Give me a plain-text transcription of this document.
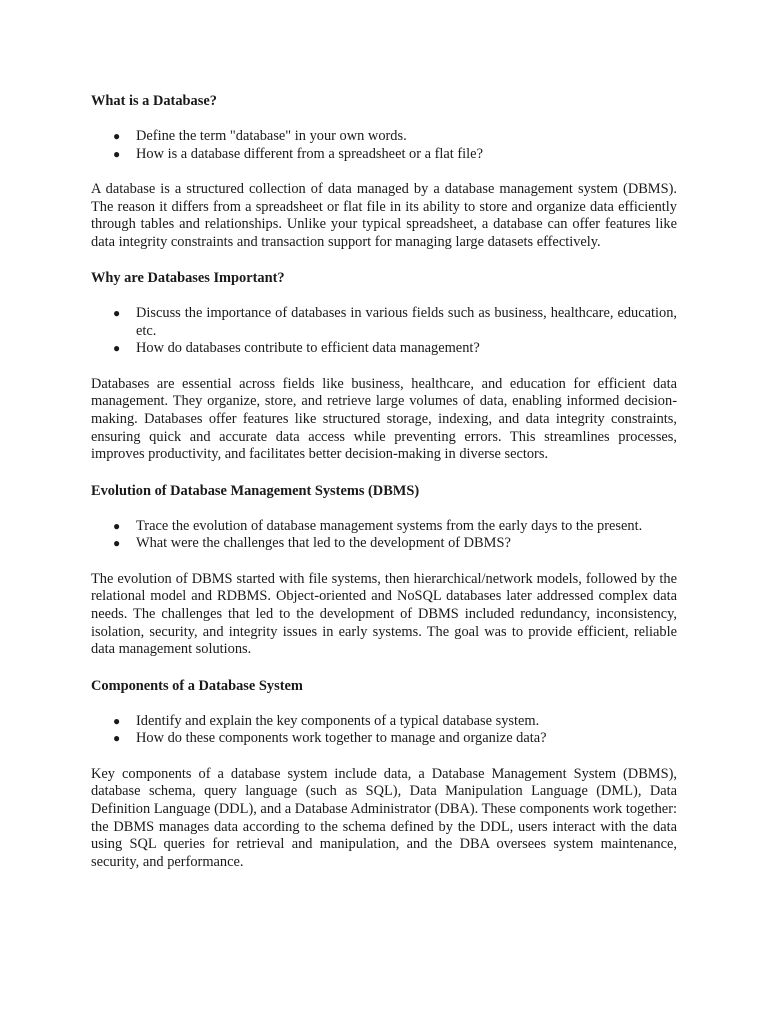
What is a Database?

● Define the term "database" in your own words.
● How is a database different from a spreadsheet or a flat file?

A database is a structured collection of data managed by a database management system (DBMS). The reason it differs from a spreadsheet or flat file in its ability to store and organize data efficiently through tables and relationships. Unlike your typical spreadsheet, a database can offer features like data integrity constraints and transaction support for managing large datasets effectively.

Why are Databases Important?

● Discuss the importance of databases in various fields such as business, healthcare, education, etc.
● How do databases contribute to efficient data management?

Databases are essential across fields like business, healthcare, and education for efficient data management. They organize, store, and retrieve large volumes of data, enabling informed decision-making. Databases offer features like structured storage, indexing, and data integrity constraints, ensuring quick and accurate data access while preventing errors. This streamlines processes, improves productivity, and facilitates better decision-making in diverse sectors.

Evolution of Database Management Systems (DBMS)

● Trace the evolution of database management systems from the early days to the present.
● What were the challenges that led to the development of DBMS?

The evolution of DBMS started with file systems, then hierarchical/network models, followed by the relational model and RDBMS. Object-oriented and NoSQL databases later addressed complex data needs. The challenges that led to the development of DBMS included redundancy, inconsistency, isolation, security, and integrity issues in early systems. The goal was to provide efficient, reliable data management solutions.

Components of a Database System

● Identify and explain the key components of a typical database system.
● How do these components work together to manage and organize data?

Key components of a database system include data, a Database Management System (DBMS), database schema, query language (such as SQL), Data Manipulation Language (DML), Data Definition Language (DDL), and a Database Administrator (DBA). These components work together: the DBMS manages data according to the schema defined by the DDL, users interact with the data using SQL queries for retrieval and manipulation, and the DBA oversees system maintenance, security, and performance.
